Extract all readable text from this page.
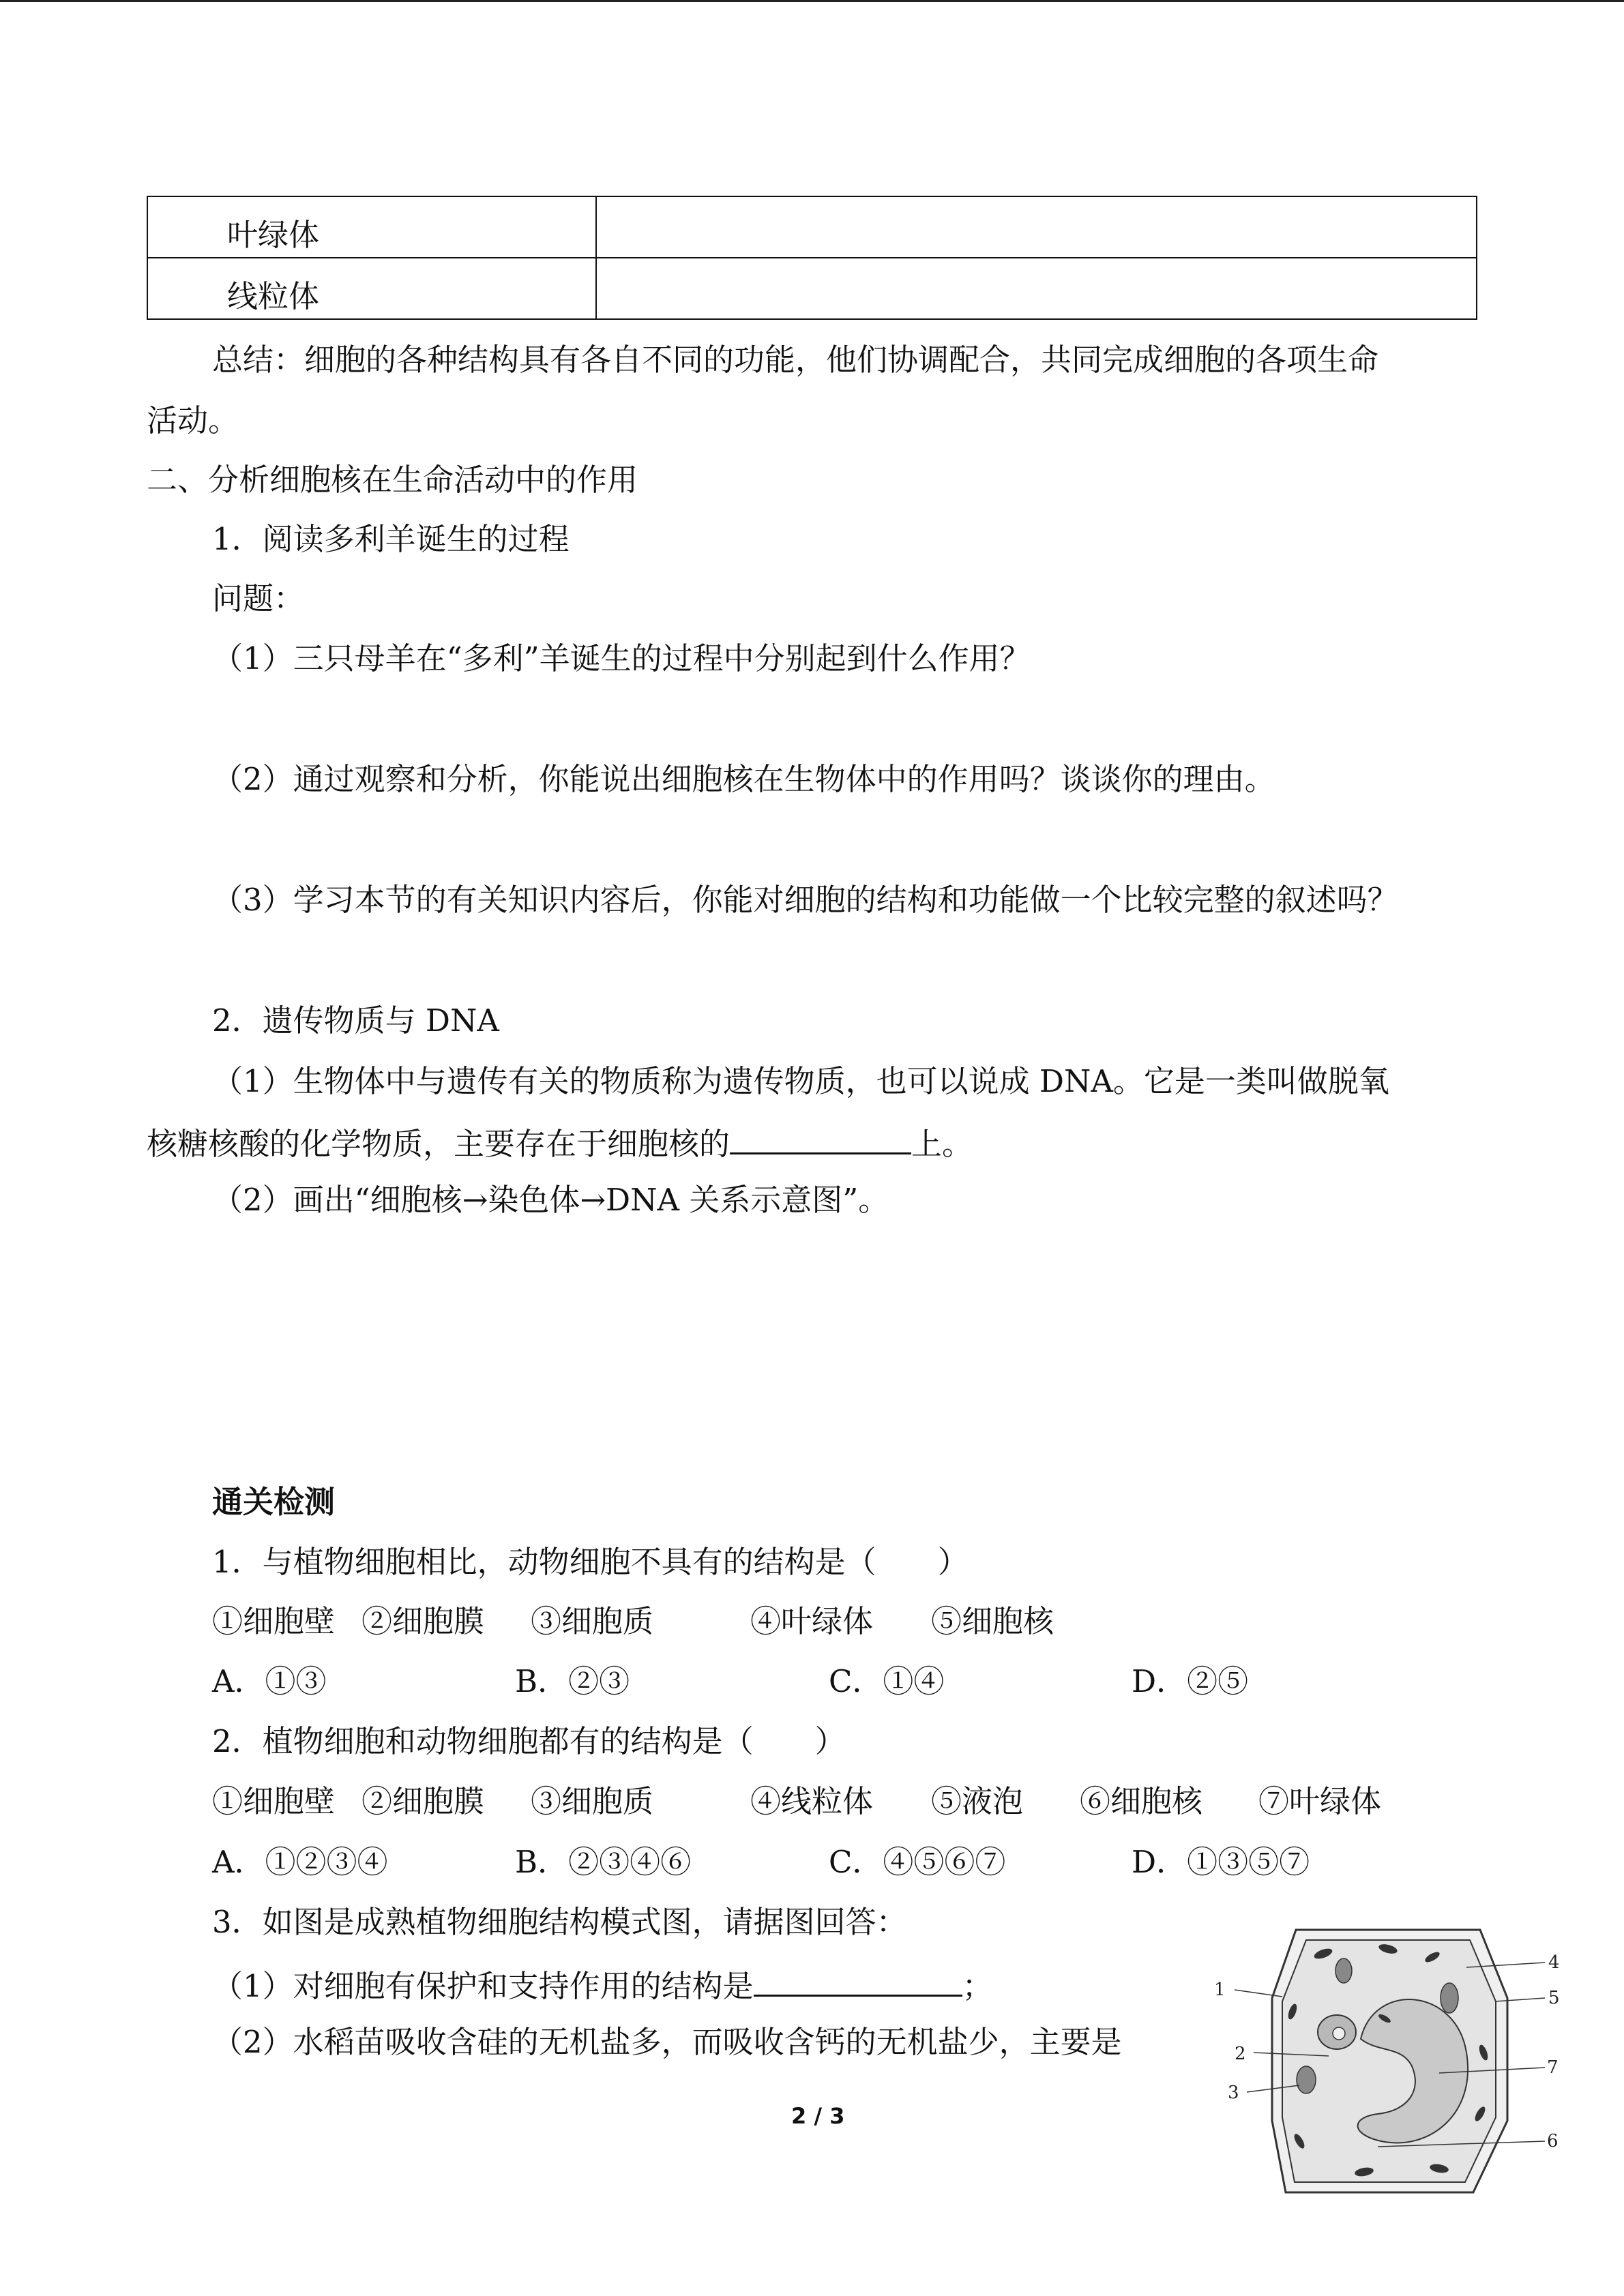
叶绿体	
线粒体	
总结：细胞的各种结构具有各自不同的功能，他们协调配合，共同完成细胞的各项生命
活动。
二、分析细胞核在生命活动中的作用
1．阅读多利羊诞生的过程
问题：
（1）三只母羊在“多利”羊诞生的过程中分别起到什么作用？
（2）通过观察和分析，你能说出细胞核在生物体中的作用吗？谈谈你的理由。
（3）学习本节的有关知识内容后，你能对细胞的结构和功能做一个比较完整的叙述吗？
2．遗传物质与 DNA
（1）生物体中与遗传有关的物质称为遗传物质，也可以说成 DNA。它是一类叫做脱氧
核糖核酸的化学物质，主要存在于细胞核的	上。
（2）画出“细胞核→染色体→DNA 关系示意图”。
通关检测
1．与植物细胞相比，动物细胞不具有的结构是（　　）
①细胞壁 ②细胞膜 ③细胞质	④叶绿体 ⑤细胞核
A．①③	B．②③	C．①④	D．②⑤
2．植物细胞和动物细胞都有的结构是（　　）
①细胞壁 ②细胞膜 ③细胞质	④线粒体 ⑤液泡 ⑥细胞核 ⑦叶绿体
A．①②③④	B．②③④⑥	C．④⑤⑥⑦	D．①③⑤⑦
3．如图是成熟植物细胞结构模式图，请据图回答：
（1）对细胞有保护和支持作用的结构是	；
（2）水稻苗吸收含硅的无机盐多，而吸收含钙的无机盐少，主要是
1
2
3
4
5
6
7
2 / 3
